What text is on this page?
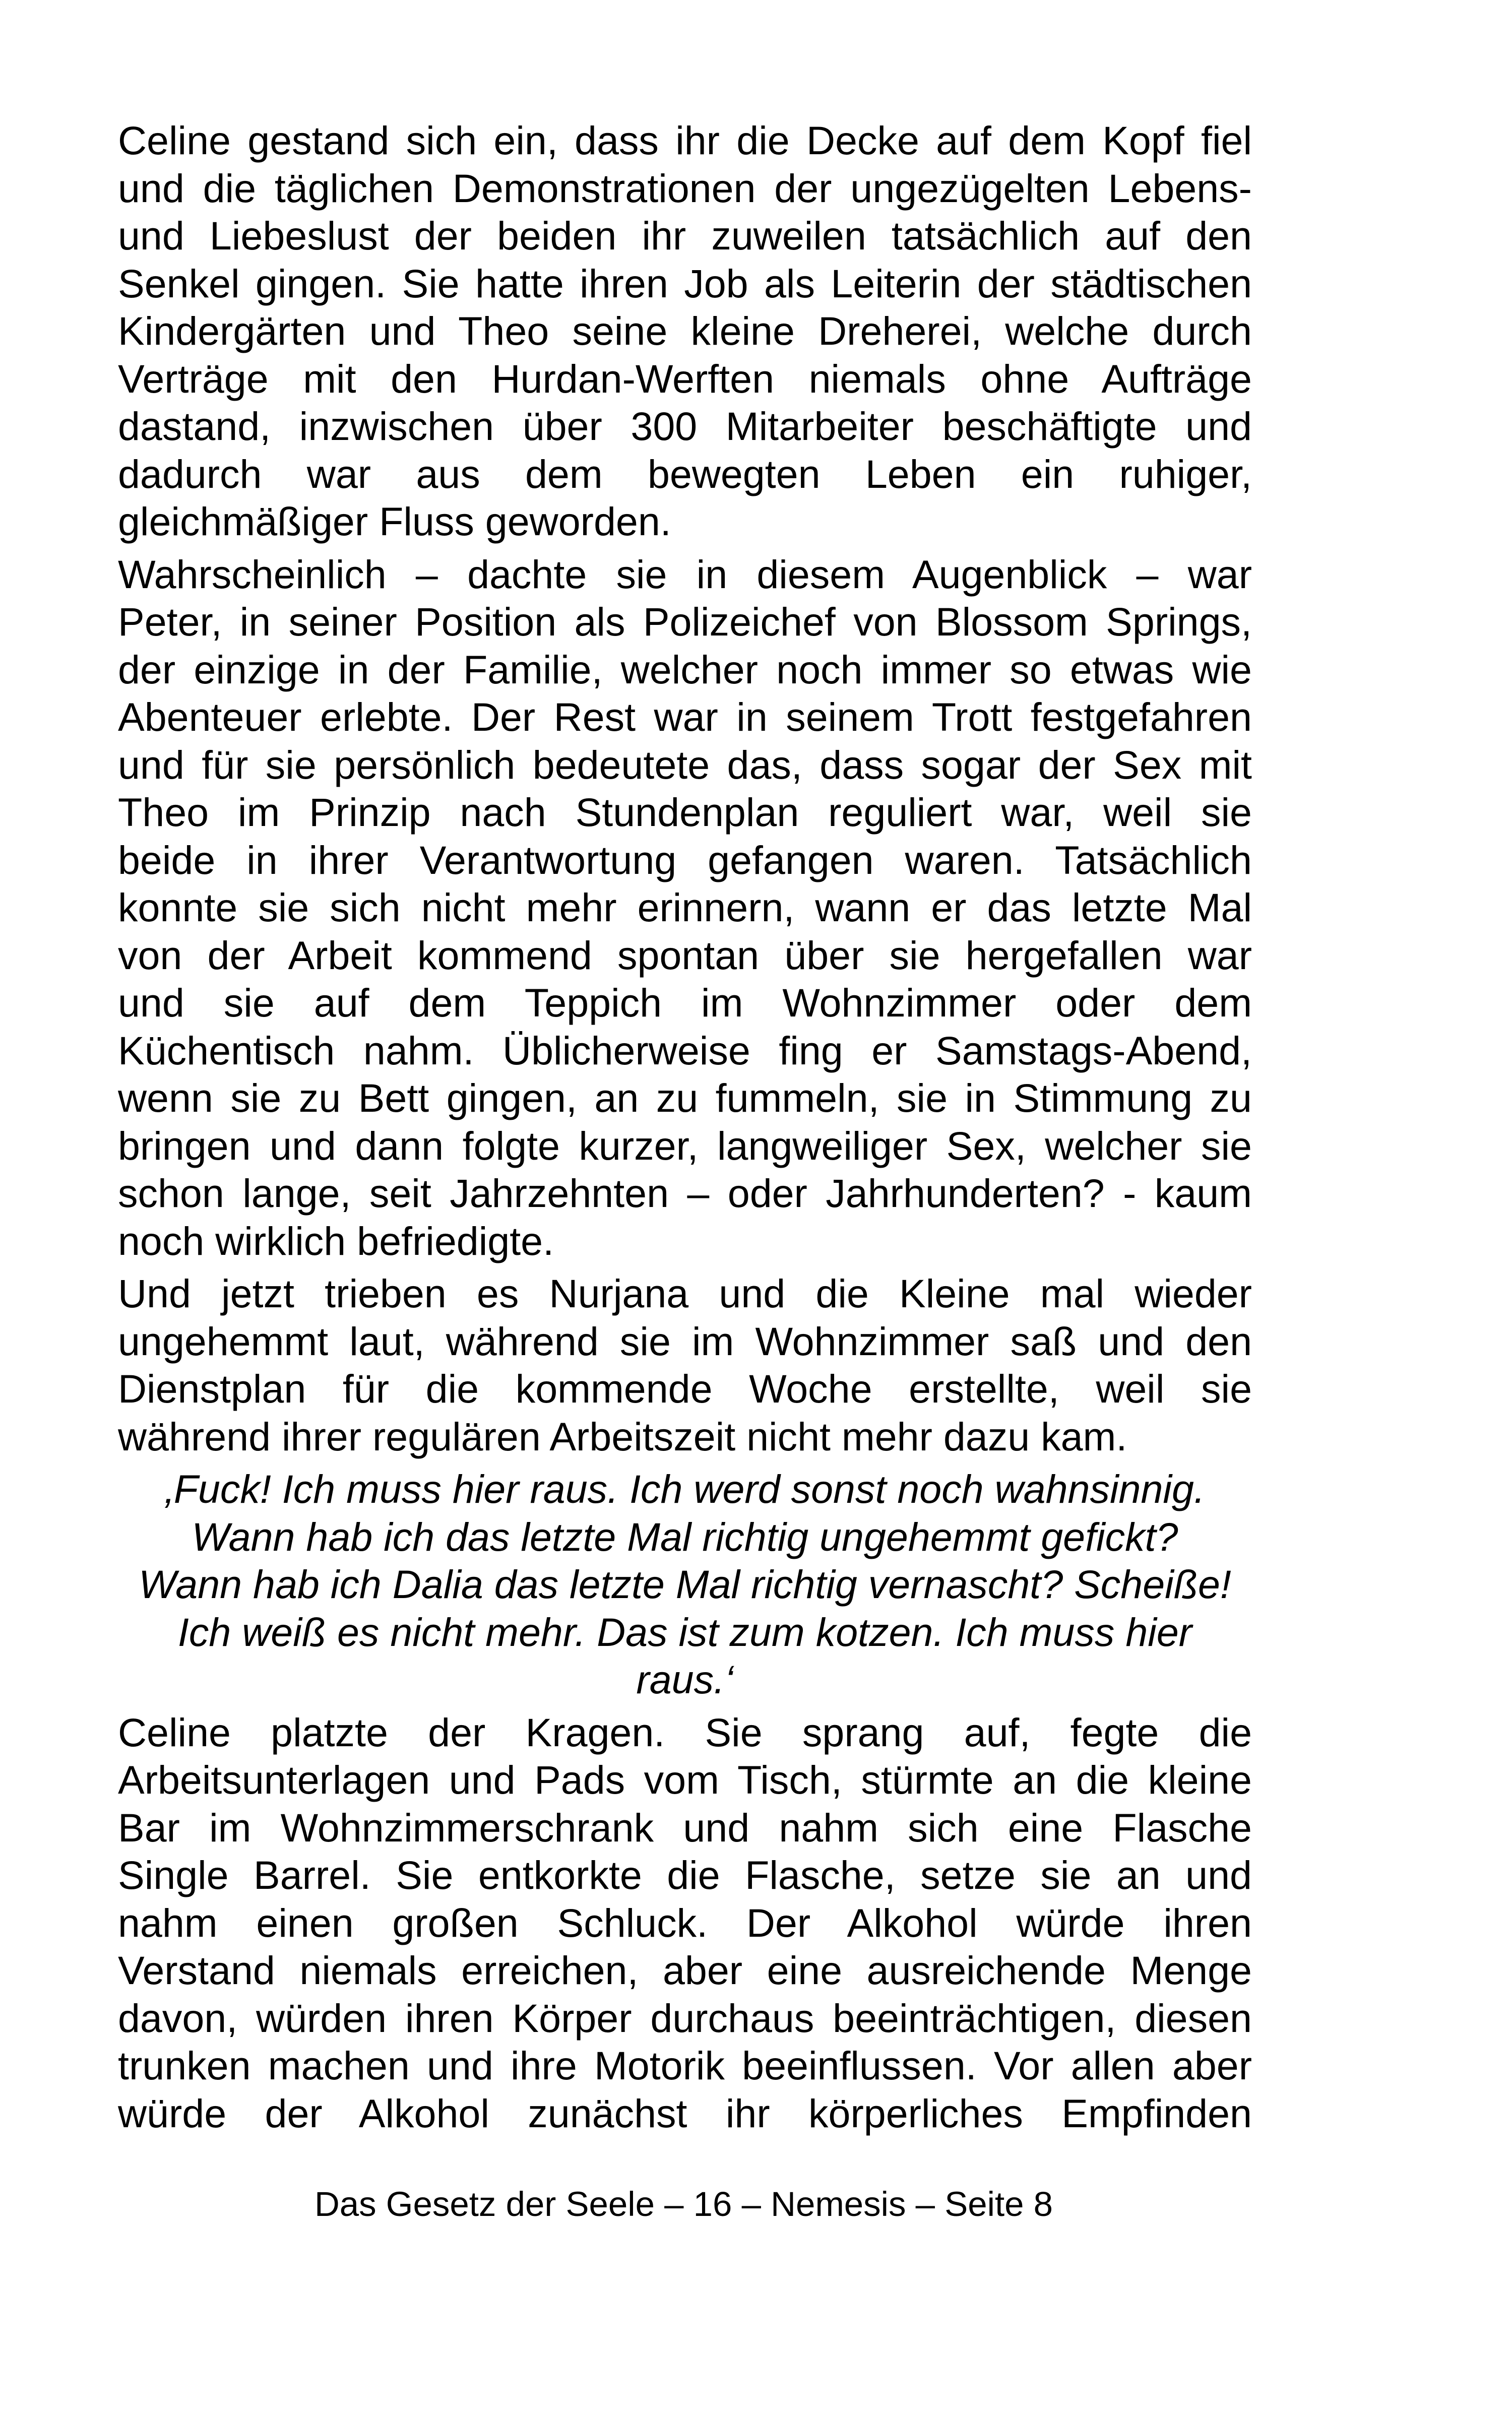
Celine gestand sich ein, dass ihr die Decke auf dem Kopf fiel
und die täglichen Demonstrationen der ungezügelten Lebens-
und Liebeslust der beiden ihr zuweilen tatsächlich auf den
Senkel gingen. Sie hatte ihren Job als Leiterin der städtischen
Kindergärten und Theo seine kleine Dreherei, welche durch
Verträge mit den Hurdan-Werften niemals ohne Aufträge
dastand, inzwischen über 300 Mitarbeiter beschäftigte und
dadurch war aus dem bewegten Leben ein ruhiger,
gleichmäßiger Fluss geworden.
Wahrscheinlich – dachte sie in diesem Augenblick – war
Peter, in seiner Position als Polizeichef von Blossom Springs,
der einzige in der Familie, welcher noch immer so etwas wie
Abenteuer erlebte. Der Rest war in seinem Trott festgefahren
und für sie persönlich bedeutete das, dass sogar der Sex mit
Theo im Prinzip nach Stundenplan reguliert war, weil sie
beide in ihrer Verantwortung gefangen waren. Tatsächlich
konnte sie sich nicht mehr erinnern, wann er das letzte Mal
von der Arbeit kommend spontan über sie hergefallen war
und sie auf dem Teppich im Wohnzimmer oder dem
Küchentisch nahm. Üblicherweise fing er Samstags-Abend,
wenn sie zu Bett gingen, an zu fummeln, sie in Stimmung zu
bringen und dann folgte kurzer, langweiliger Sex, welcher sie
schon lange, seit Jahrzehnten – oder Jahrhunderten? - kaum
noch wirklich befriedigte.
Und jetzt trieben es Nurjana und die Kleine mal wieder
ungehemmt laut, während sie im Wohnzimmer saß und den
Dienstplan für die kommende Woche erstellte, weil sie
während ihrer regulären Arbeitszeit nicht mehr dazu kam.
‚Fuck! Ich muss hier raus. Ich werd sonst noch wahnsinnig.
Wann hab ich das letzte Mal richtig ungehemmt gefickt?
Wann hab ich Dalia das letzte Mal richtig vernascht? Scheiße!
Ich weiß es nicht mehr. Das ist zum kotzen. Ich muss hier
raus.‘
Celine platzte der Kragen. Sie sprang auf, fegte die
Arbeitsunterlagen und Pads vom Tisch, stürmte an die kleine
Bar im Wohnzimmerschrank und nahm sich eine Flasche
Single Barrel. Sie entkorkte die Flasche, setze sie an und
nahm einen großen Schluck. Der Alkohol würde ihren
Verstand niemals erreichen, aber eine ausreichende Menge
davon, würden ihren Körper durchaus beeinträchtigen, diesen
trunken machen und ihre Motorik beeinflussen. Vor allen aber
würde der Alkohol zunächst ihr körperliches Empfinden
Das Gesetz der Seele – 16 – Nemesis – Seite 8
